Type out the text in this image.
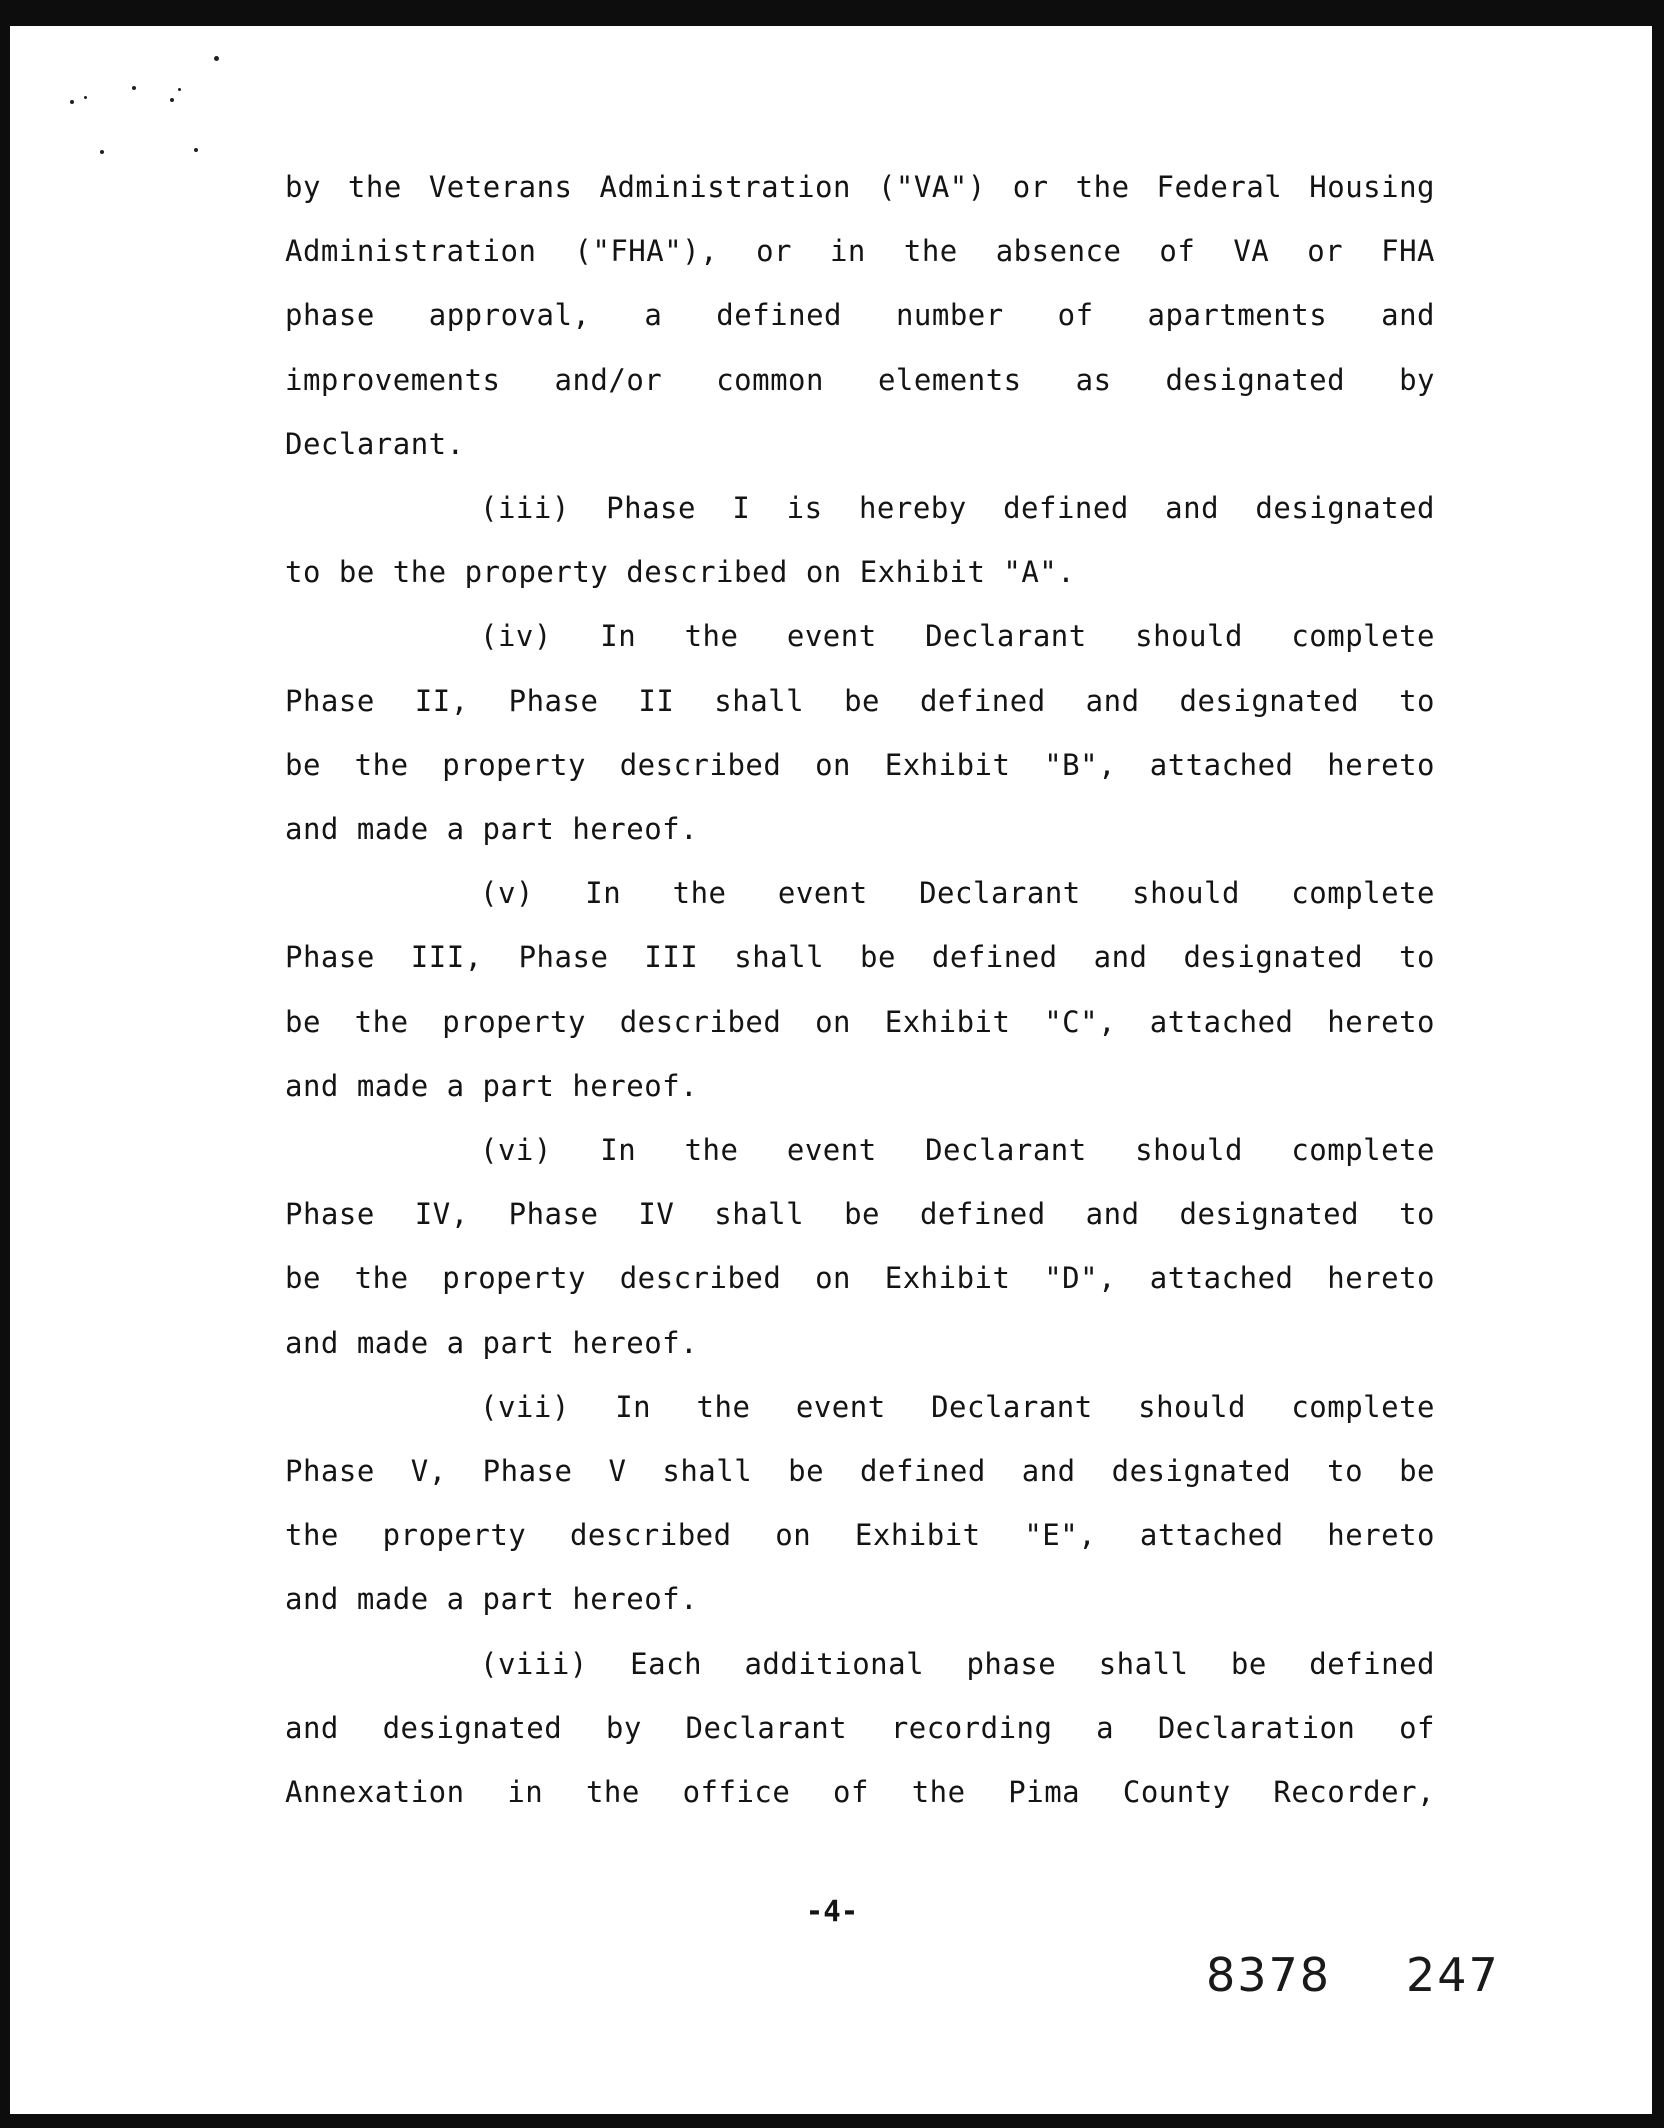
by the Veterans Administration ("VA") or the Federal Housing
Administration ("FHA"), or in the absence of VA or FHA
phase approval, a defined number of apartments and
improvements and/or common elements as designated by
Declarant.
(iii) Phase I is hereby defined and designated
to be the property described on Exhibit "A".
(iv) In the event Declarant should complete
Phase II, Phase II shall be defined and designated to
be the property described on Exhibit "B", attached hereto
and made a part hereof.
(v) In the event Declarant should complete
Phase III, Phase III shall be defined and designated to
be the property described on Exhibit "C", attached hereto
and made a part hereof.
(vi) In the event Declarant should complete
Phase IV, Phase IV shall be defined and designated to
be the property described on Exhibit "D", attached hereto
and made a part hereof.
(vii) In the event Declarant should complete
Phase V, Phase V shall be defined and designated to be
the property described on Exhibit "E", attached hereto
and made a part hereof.
(viii) Each additional phase shall be defined
and designated by Declarant recording a Declaration of
Annexation in the office of the Pima County Recorder,
-4-
8378 247
